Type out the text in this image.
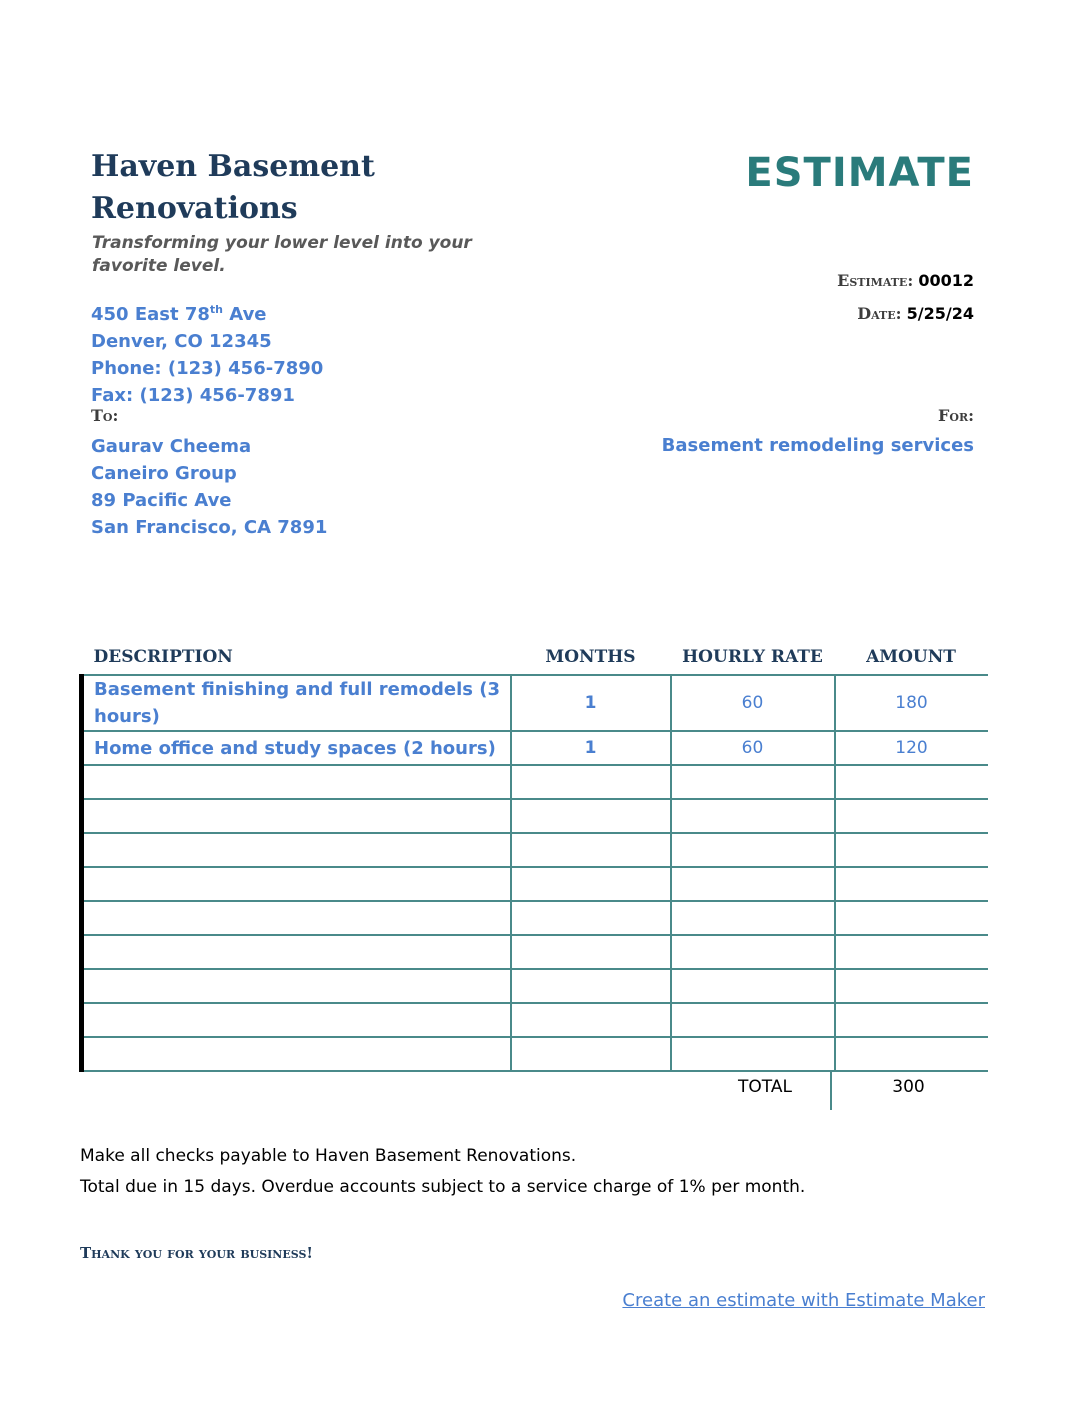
Haven Basement Renovations
Transforming your lower level into your favorite level.
450 East 78th Ave
Denver, CO 12345
Phone: (123) 456-7890
Fax: (123) 456-7891
ESTIMATE
Estimate: 00012
Date: 5/25/24
To:	For:
Gaurav Cheema
Caneiro Group
89 Pacific Ave
San Francisco, CA 7891
Basement remodeling services
DESCRIPTION	MONTHS	HOURLY RATE	AMOUNT
Basement finishing and full remodels (3 hours)	1	60	180
Home office and study spaces (2 hours)	1	60	120

TOTAL	300
Make all checks payable to Haven Basement Renovations.
Total due in 15 days. Overdue accounts subject to a service charge of 1% per month.
Thank you for your business!
Create an estimate with Estimate Maker
